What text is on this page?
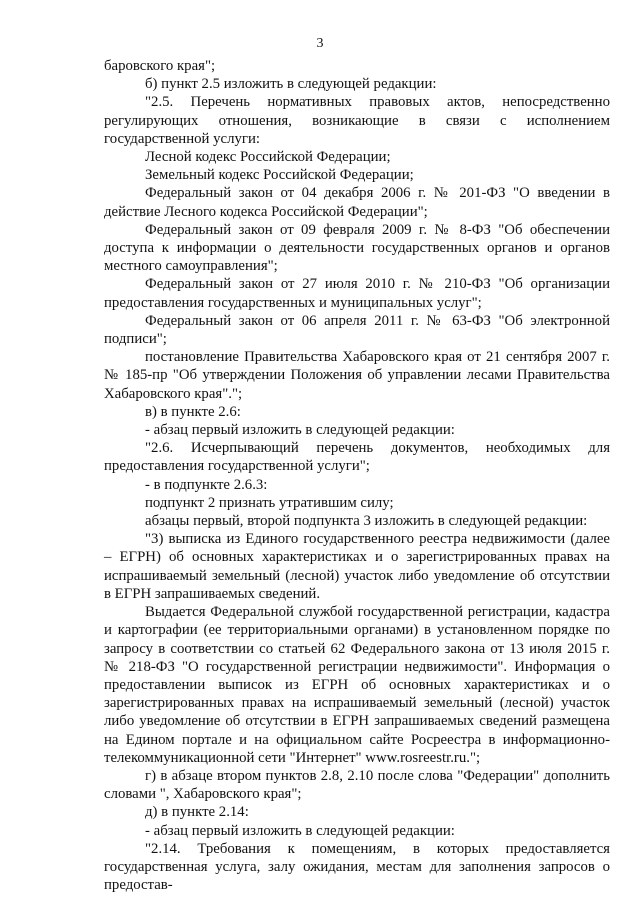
3

баровского края";

б) пункт 2.5 изложить в следующей редакции:

"2.5. Перечень нормативных правовых актов, непосредственно регулирующих отношения, возникающие в связи с исполнением государственной услуги:

Лесной кодекс Российской Федерации;

Земельный кодекс Российской Федерации;

Федеральный закон от 04 декабря 2006 г. № 201-ФЗ "О введении в действие Лесного кодекса Российской Федерации";

Федеральный закон от 09 февраля 2009 г. № 8-ФЗ "Об обеспечении доступа к информации о деятельности государственных органов и органов местного самоуправления";

Федеральный закон от 27 июля 2010 г. № 210-ФЗ "Об организации предоставления государственных и муниципальных услуг";

Федеральный закон от 06 апреля 2011 г. № 63-ФЗ "Об электронной подписи";

постановление Правительства Хабаровского края от 21 сентября 2007 г. № 185-пр "Об утверждении Положения об управлении лесами Правительства Хабаровского края".";

в) в пункте 2.6:

- абзац первый изложить в следующей редакции:

"2.6. Исчерпывающий перечень документов, необходимых для предоставления государственной услуги";

- в подпункте 2.6.3:

подпункт 2 признать утратившим силу;

абзацы первый, второй подпункта 3 изложить в следующей редакции:

"3) выписка из Единого государственного реестра недвижимости (далее – ЕГРН) об основных характеристиках и о зарегистрированных правах на испрашиваемый земельный (лесной) участок либо уведомление об отсутствии в ЕГРН запрашиваемых сведений.

Выдается Федеральной службой государственной регистрации, кадастра и картографии (ее территориальными органами) в установленном порядке по запросу в соответствии со статьей 62 Федерального закона от 13 июля 2015 г. № 218-ФЗ "О государственной регистрации недвижимости". Информация о предоставлении выписок из ЕГРН об основных характеристиках и о зарегистрированных правах на испрашиваемый земельный (лесной) участок либо уведомление об отсутствии в ЕГРН запрашиваемых сведений размещена на Едином портале и на официальном сайте Росреестра в информационно-телекоммуникационной сети "Интернет" www.rosreestr.ru.";

г) в абзаце втором пунктов 2.8, 2.10 после слова "Федерации" дополнить словами ", Хабаровского края";

д) в пункте 2.14:

- абзац первый изложить в следующей редакции:

"2.14. Требования к помещениям, в которых предоставляется государственная услуга, залу ожидания, местам для заполнения запросов о предостав-
